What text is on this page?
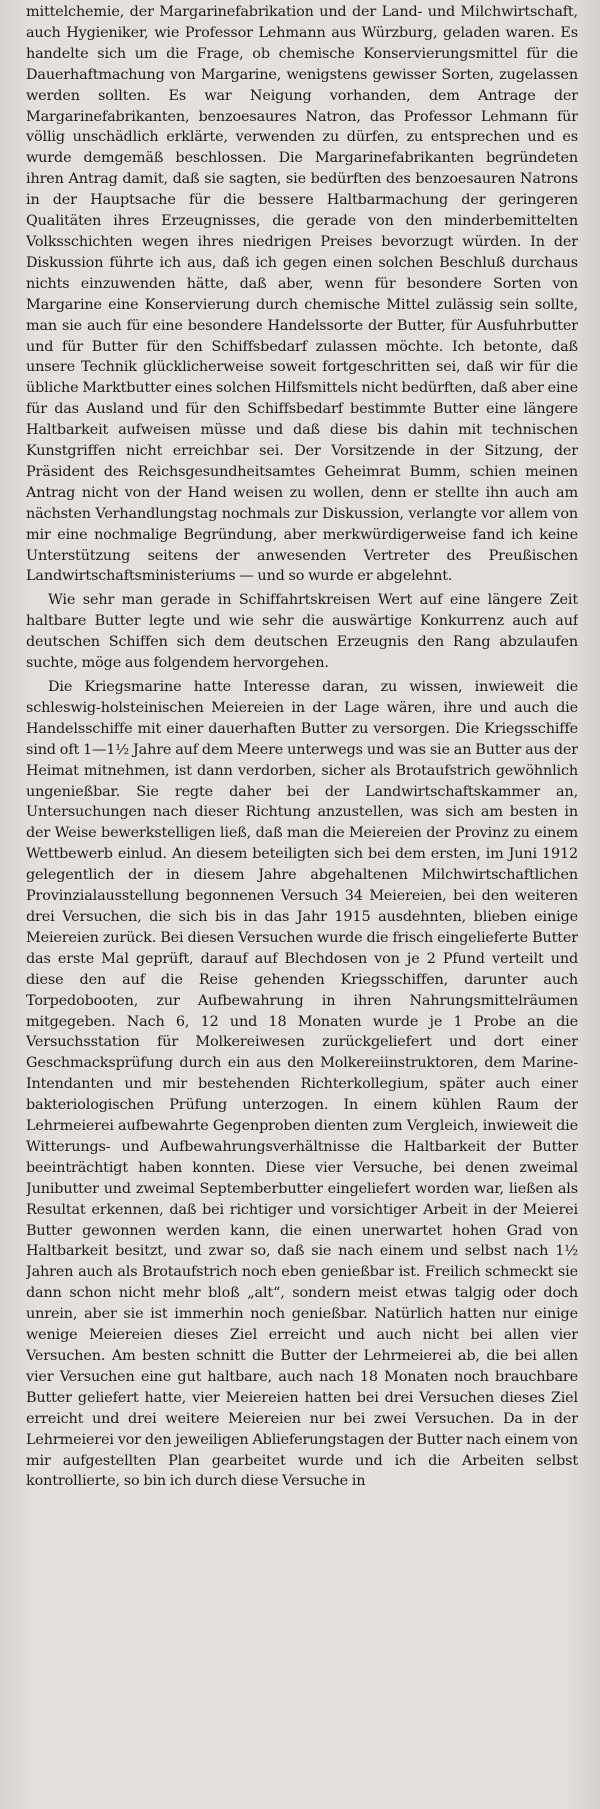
mittelchemie, der Margarinefabrikation und der Land- und Milchwirtschaft, auch Hygieniker, wie Professor Lehmann aus Würzburg, geladen waren. Es handelte sich um die Frage, ob chemische Konservierungsmittel für die Dauerhaftmachung von Margarine, wenigstens gewisser Sorten, zugelassen werden sollten. Es war Neigung vorhanden, dem Antrage der Margarinefabrikanten, benzoesaures Natron, das Professor Lehmann für völlig unschädlich erklärte, verwenden zu dürfen, zu entsprechen und es wurde demgemäß beschlossen. Die Margarinefabrikanten begründeten ihren Antrag damit, daß sie sagten, sie bedürften des benzoesauren Natrons in der Hauptsache für die bessere Haltbarmachung der geringeren Qualitäten ihres Erzeugnisses, die gerade von den minderbemittelten Volksschichten wegen ihres niedrigen Preises bevorzugt würden. In der Diskussion führte ich aus, daß ich gegen einen solchen Beschluß durchaus nichts einzuwenden hätte, daß aber, wenn für besondere Sorten von Margarine eine Konservierung durch chemische Mittel zulässig sein sollte, man sie auch für eine besondere Handelssorte der Butter, für Ausfuhrbutter und für Butter für den Schiffsbedarf zulassen möchte. Ich betonte, daß unsere Technik glücklicherweise soweit fortgeschritten sei, daß wir für die übliche Marktbutter eines solchen Hilfsmittels nicht bedürften, daß aber eine für das Ausland und für den Schiffsbedarf bestimmte Butter eine längere Haltbarkeit aufweisen müsse und daß diese bis dahin mit technischen Kunstgriffen nicht erreichbar sei. Der Vorsitzende in der Sitzung, der Präsident des Reichsgesundheitsamtes Geheimrat Bumm, schien meinen Antrag nicht von der Hand weisen zu wollen, denn er stellte ihn auch am nächsten Verhandlungstag nochmals zur Diskussion, verlangte vor allem von mir eine nochmalige Begründung, aber merkwürdigerweise fand ich keine Unterstützung seitens der anwesenden Vertreter des Preußischen Landwirtschaftsministeriums — und so wurde er abgelehnt.

Wie sehr man gerade in Schiffahrtskreisen Wert auf eine längere Zeit haltbare Butter legte und wie sehr die auswärtige Konkurrenz auch auf deutschen Schiffen sich dem deutschen Erzeugnis den Rang abzulaufen suchte, möge aus folgendem hervorgehen.

Die Kriegsmarine hatte Interesse daran, zu wissen, inwieweit die schleswig-holsteinischen Meiereien in der Lage wären, ihre und auch die Handelsschiffe mit einer dauerhaften Butter zu versorgen. Die Kriegsschiffe sind oft 1—1½ Jahre auf dem Meere unterwegs und was sie an Butter aus der Heimat mitnehmen, ist dann verdorben, sicher als Brotaufstrich gewöhnlich ungenießbar. Sie regte daher bei der Landwirtschaftskammer an, Untersuchungen nach dieser Richtung anzustellen, was sich am besten in der Weise bewerkstelligen ließ, daß man die Meiereien der Provinz zu einem Wettbewerb einlud. An diesem beteiligten sich bei dem ersten, im Juni 1912 gelegentlich der in diesem Jahre abgehaltenen Milchwirtschaftlichen Provinzialausstellung begonnenen Versuch 34 Meiereien, bei den weiteren drei Versuchen, die sich bis in das Jahr 1915 ausdehnten, blieben einige Meiereien zurück. Bei diesen Versuchen wurde die frisch eingelieferte Butter das erste Mal geprüft, darauf auf Blechdosen von je 2 Pfund verteilt und diese den auf die Reise gehenden Kriegsschiffen, darunter auch Torpedobooten, zur Aufbewahrung in ihren Nahrungsmittelräumen mitgegeben. Nach 6, 12 und 18 Monaten wurde je 1 Probe an die Versuchsstation für Molkereiwesen zurückgeliefert und dort einer Geschmacksprüfung durch ein aus den Molkereiinstruktoren, dem Marine-Intendanten und mir bestehenden Richterkollegium, später auch einer bakteriologischen Prüfung unterzogen. In einem kühlen Raum der Lehrmeierei aufbewahrte Gegenproben dienten zum Vergleich, inwieweit die Witterungs- und Aufbewahrungsverhältnisse die Haltbarkeit der Butter beeinträchtigt haben konnten. Diese vier Versuche, bei denen zweimal Junibutter und zweimal Septemberbutter eingeliefert worden war, ließen als Resultat erkennen, daß bei richtiger und vorsichtiger Arbeit in der Meierei Butter gewonnen werden kann, die einen unerwartet hohen Grad von Haltbarkeit besitzt, und zwar so, daß sie nach einem und selbst nach 1½ Jahren auch als Brotaufstrich noch eben genießbar ist. Freilich schmeckt sie dann schon nicht mehr bloß „alt“, sondern meist etwas talgig oder doch unrein, aber sie ist immerhin noch genießbar. Natürlich hatten nur einige wenige Meiereien dieses Ziel erreicht und auch nicht bei allen vier Versuchen. Am besten schnitt die Butter der Lehrmeierei ab, die bei allen vier Versuchen eine gut haltbare, auch nach 18 Monaten noch brauchbare Butter geliefert hatte, vier Meiereien hatten bei drei Versuchen dieses Ziel erreicht und drei weitere Meiereien nur bei zwei Versuchen. Da in der Lehrmeierei vor den jeweiligen Ablieferungstagen der Butter nach einem von mir aufgestellten Plan gearbeitet wurde und ich die Arbeiten selbst kontrollierte, so bin ich durch diese Versuche in
